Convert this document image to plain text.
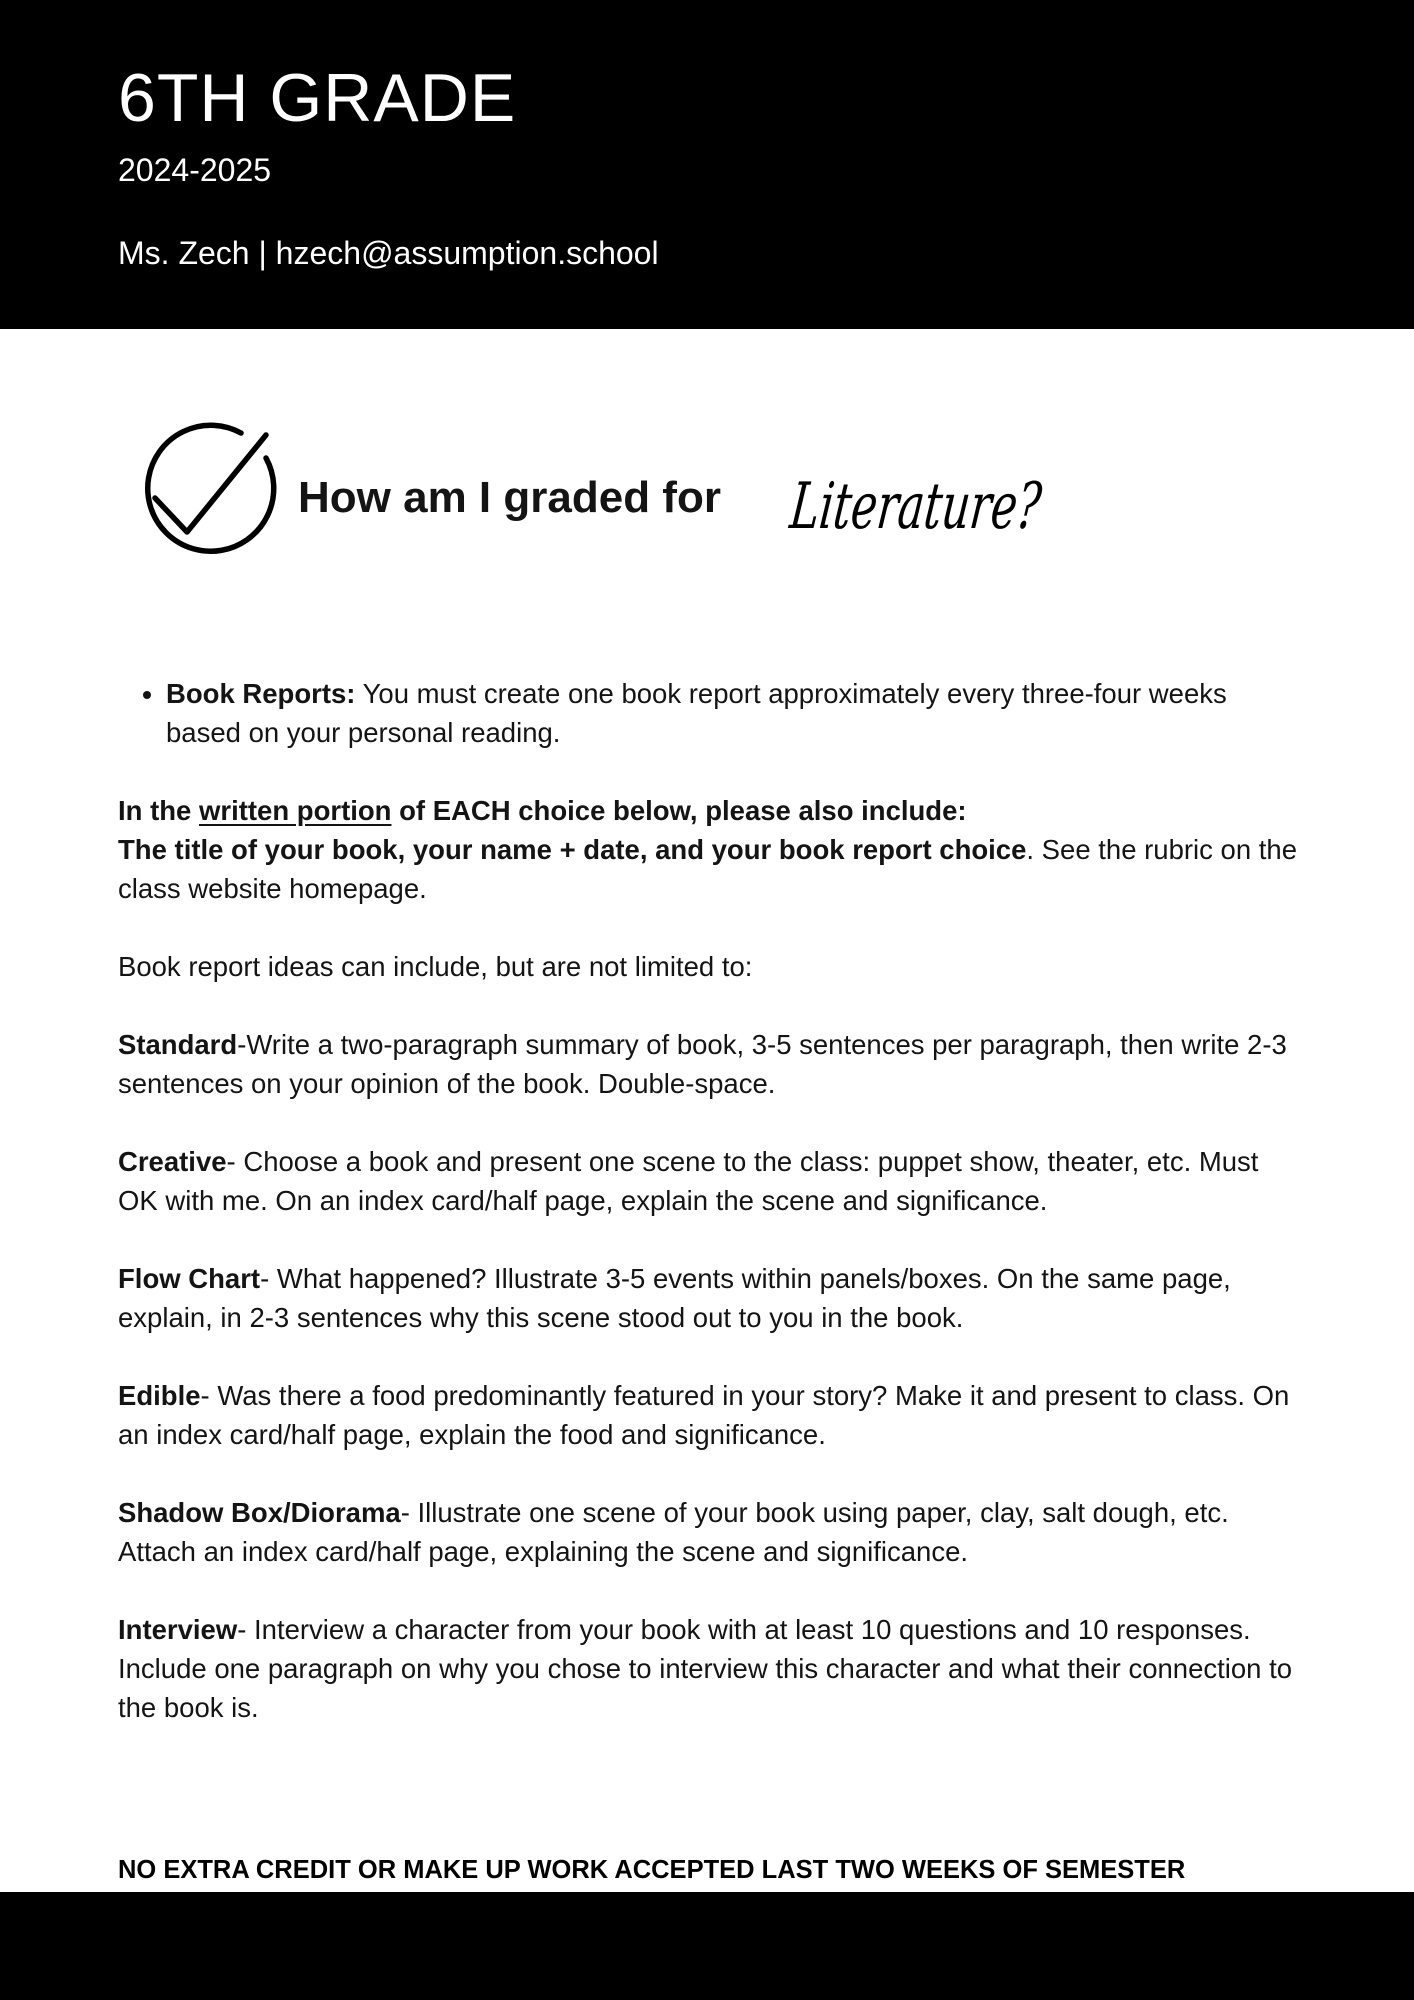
6TH GRADE
2024-2025
Ms. Zech | hzech@assumption.school
How am I graded for Literature?
• Book Reports: You must create one book report approximately every three-four weeks based on your personal reading.

In the written portion of EACH choice below, please also include:
The title of your book, your name + date, and your book report choice. See the rubric on the class website homepage.

Book report ideas can include, but are not limited to:

Standard-Write a two-paragraph summary of book, 3-5 sentences per paragraph, then write 2-3 sentences on your opinion of the book. Double-space.

Creative- Choose a book and present one scene to the class: puppet show, theater, etc. Must OK with me. On an index card/half page, explain the scene and significance.

Flow Chart- What happened? Illustrate 3-5 events within panels/boxes. On the same page, explain, in 2-3 sentences why this scene stood out to you in the book.

Edible- Was there a food predominantly featured in your story? Make it and present to class. On an index card/half page, explain the food and significance.

Shadow Box/Diorama- Illustrate one scene of your book using paper, clay, salt dough, etc. Attach an index card/half page, explaining the scene and significance.

Interview- Interview a character from your book with at least 10 questions and 10 responses. Include one paragraph on why you chose to interview this character and what their connection to the book is.

NO EXTRA CREDIT OR MAKE UP WORK ACCEPTED LAST TWO WEEKS OF SEMESTER
